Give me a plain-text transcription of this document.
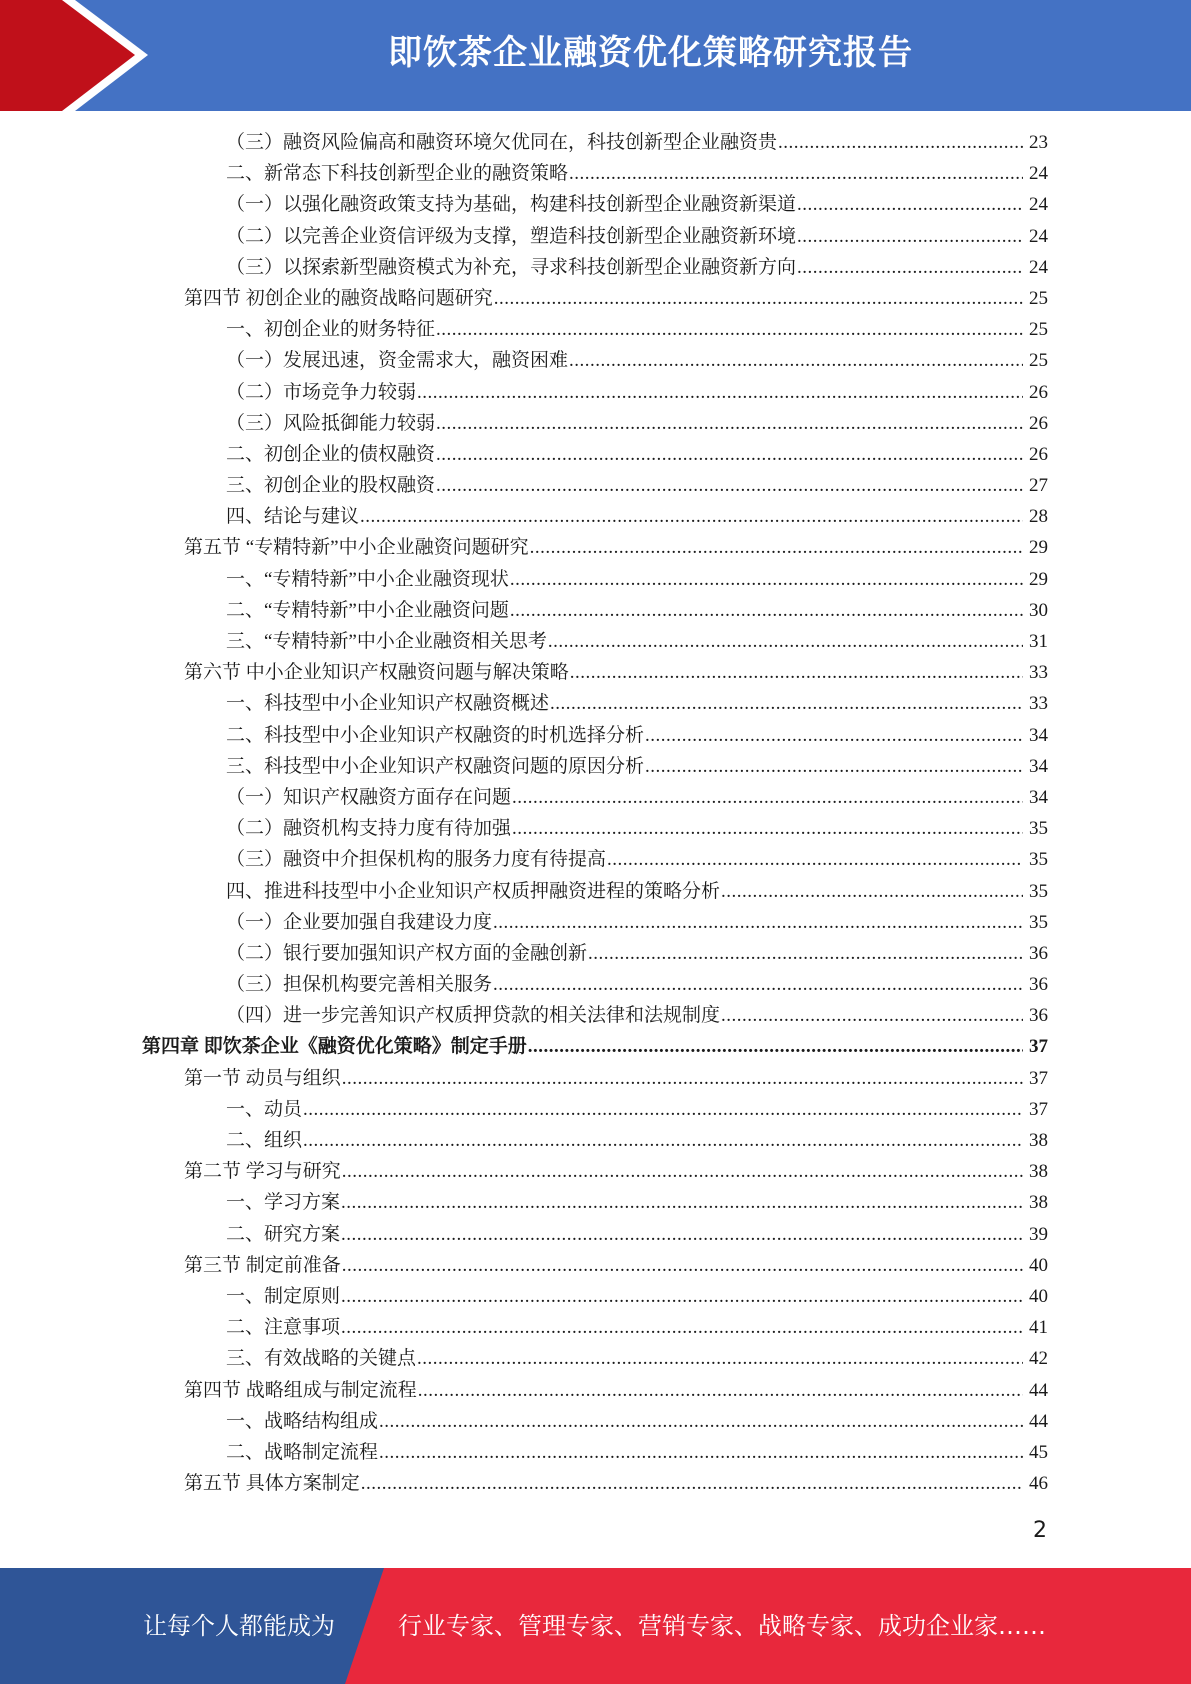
即饮茶企业融资优化策略研究报告
（三）融资风险偏高和融资环境欠优同在，科技创新型企业融资贵 .....	23
二、新常态下科技创新型企业的融资策略 .....	24
（一）以强化融资政策支持为基础，构建科技创新型企业融资新渠道 .....	24
（二）以完善企业资信评级为支撑，塑造科技创新型企业融资新环境 .....	24
（三）以探索新型融资模式为补充，寻求科技创新型企业融资新方向 .....	24
第四节 初创企业的融资战略问题研究 .....	25
一、初创企业的财务特征 .....	25
（一）发展迅速，资金需求大，融资困难 .....	25
（二）市场竞争力较弱 .....	26
（三）风险抵御能力较弱 .....	26
二、初创企业的债权融资 .....	26
三、初创企业的股权融资 .....	27
四、结论与建议 .....	28
第五节 “专精特新”中小企业融资问题研究 .....	29
一、“专精特新”中小企业融资现状 .....	29
二、“专精特新”中小企业融资问题 .....	30
三、“专精特新”中小企业融资相关思考 .....	31
第六节 中小企业知识产权融资问题与解决策略 .....	33
一、科技型中小企业知识产权融资概述 .....	33
二、科技型中小企业知识产权融资的时机选择分析 .....	34
三、科技型中小企业知识产权融资问题的原因分析 .....	34
（一）知识产权融资方面存在问题 .....	34
（二）融资机构支持力度有待加强 .....	35
（三）融资中介担保机构的服务力度有待提高 .....	35
四、推进科技型中小企业知识产权质押融资进程的策略分析 .....	35
（一）企业要加强自我建设力度 .....	35
（二）银行要加强知识产权方面的金融创新 .....	36
（三）担保机构要完善相关服务 .....	36
（四）进一步完善知识产权质押贷款的相关法律和法规制度 .....	36
第四章 即饮茶企业《融资优化策略》制定手册 .....	37
第一节 动员与组织 .....	37
一、动员 .....	37
二、组织 .....	38
第二节 学习与研究 .....	38
一、学习方案 .....	38
二、研究方案 .....	39
第三节 制定前准备 .....	40
一、制定原则 .....	40
二、注意事项 .....	41
三、有效战略的关键点 .....	42
第四节 战略组成与制定流程 .....	44
一、战略结构组成 .....	44
二、战略制定流程 .....	45
第五节 具体方案制定 .....	46
2
让每个人都能成为	行业专家、管理专家、营销专家、战略专家、成功企业家……
